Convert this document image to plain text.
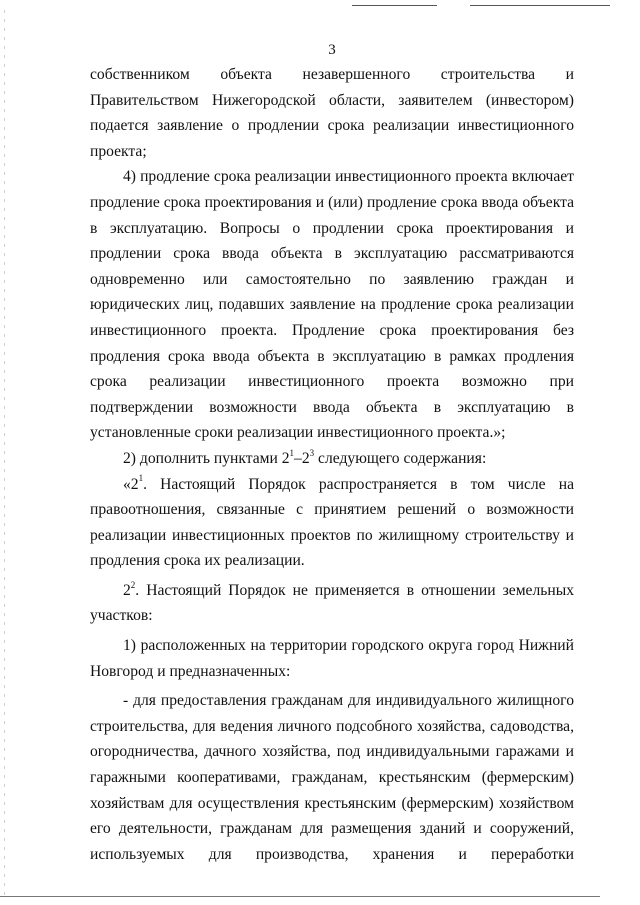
3

собственником объекта незавершенного строительства и Правительством Нижегородской области, заявителем (инвестором) подается заявление о продлении срока реализации инвестиционного проекта;

4) продление срока реализации инвестиционного проекта включает продление срока проектирования и (или) продление срока ввода объекта в эксплуатацию. Вопросы о продлении срока проектирования и продлении срока ввода объекта в эксплуатацию рассматриваются одновременно или самостоятельно по заявлению граждан и юридических лиц, подавших заявление на продление срока реализации инвестиционного проекта. Продление срока проектирования без продления срока ввода объекта в эксплуатацию в рамках продления срока реализации инвестиционного проекта возможно при подтверждении возможности ввода объекта в эксплуатацию в установленные сроки реализации инвестиционного проекта.»;

2) дополнить пунктами $2^1-2^3$ следующего содержания:

«$2^1$. Настоящий Порядок распространяется в том числе на правоотношения, связанные с принятием решений о возможности реализации инвестиционных проектов по жилищному строительству и продления срока их реализации.

$2^2$. Настоящий Порядок не применяется в отношении земельных участков:

1) расположенных на территории городского округа город Нижний Новгород и предназначенных:

- для предоставления гражданам для индивидуального жилищного строительства, для ведения личного подсобного хозяйства, садоводства, огородничества, дачного хозяйства, под индивидуальными гаражами и гаражными кооперативами, гражданам, крестьянским (фермерским) хозяйствам для осуществления крестьянским (фермерским) хозяйством его деятельности, гражданам для размещения зданий и сооружений, используемых для производства, хранения и переработки
